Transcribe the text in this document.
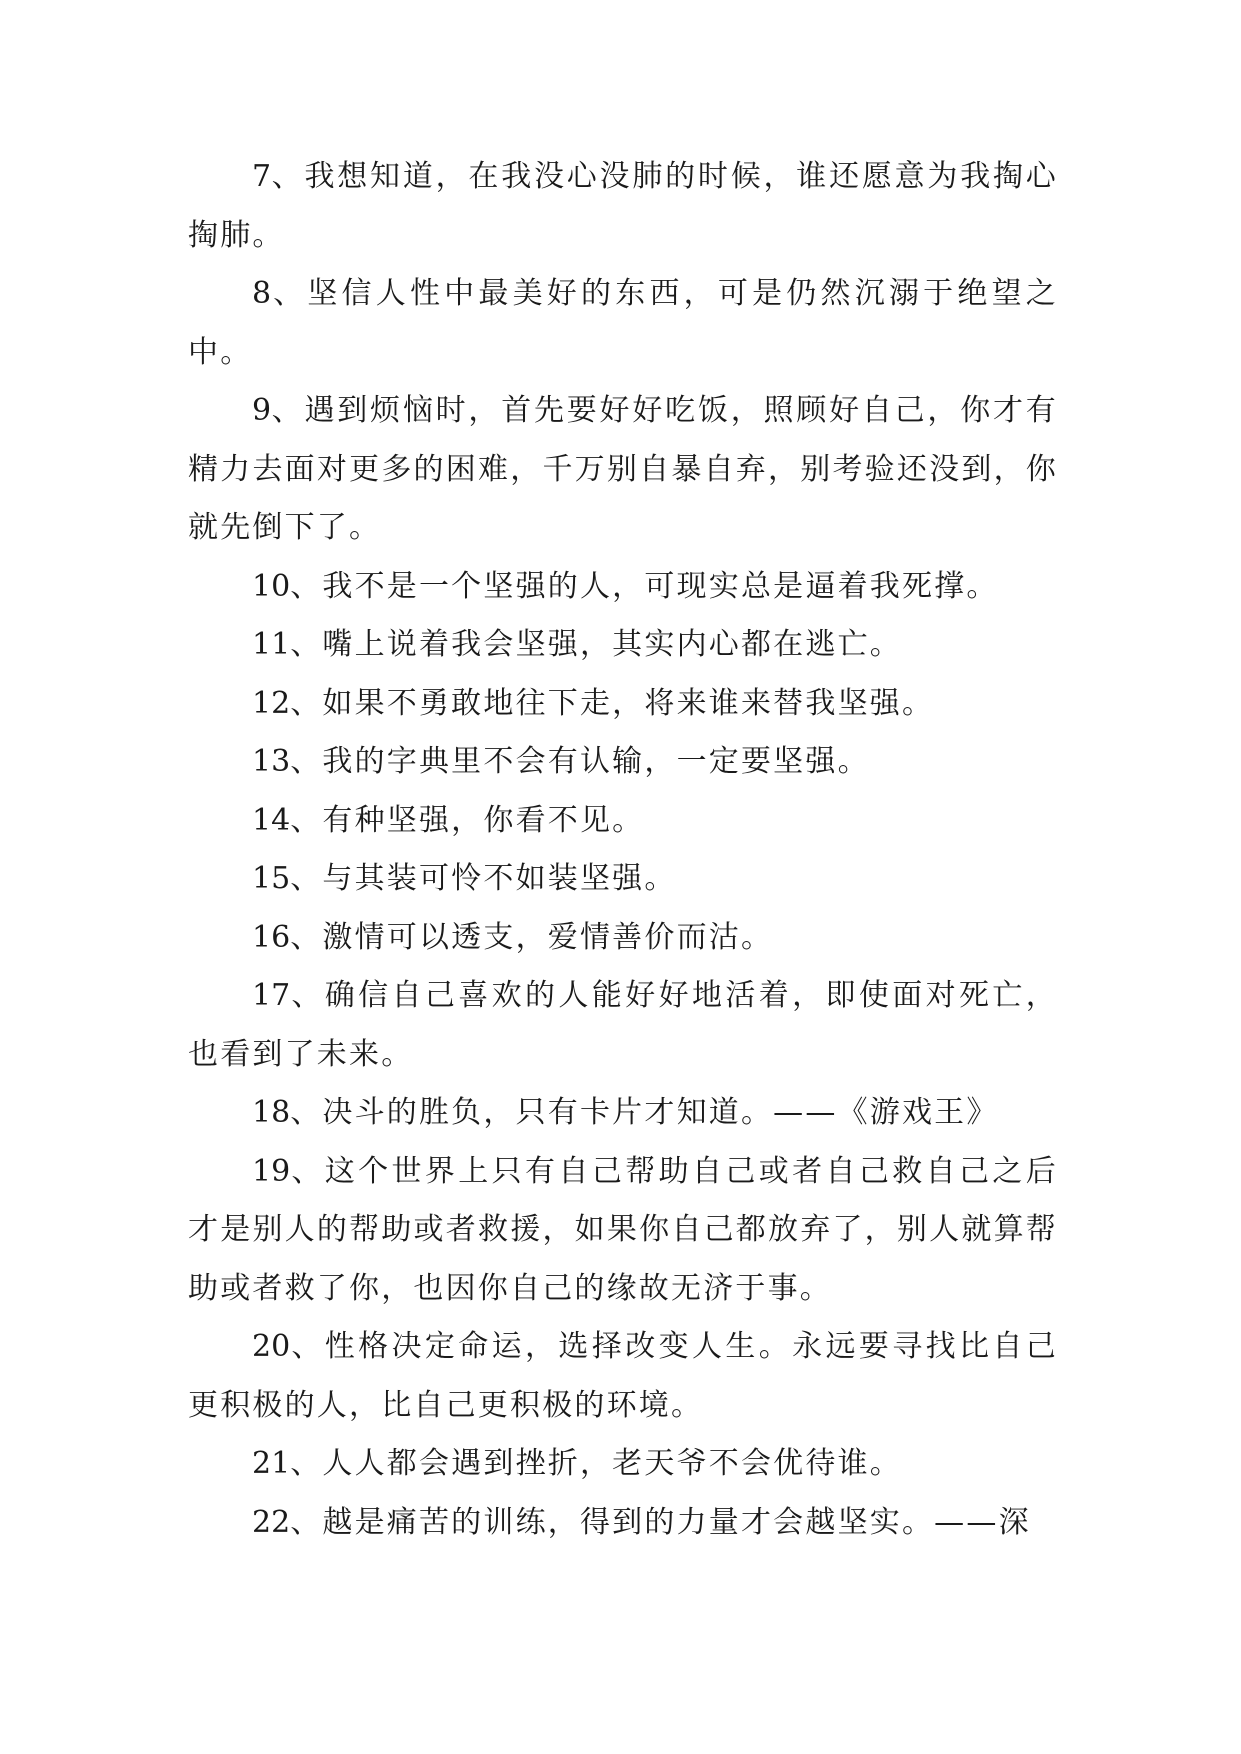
7、我想知道，在我没心没肺的时候，谁还愿意为我掏心掏肺。

8、坚信人性中最美好的东西，可是仍然沉溺于绝望之中。

9、遇到烦恼时，首先要好好吃饭，照顾好自己，你才有精力去面对更多的困难，千万别自暴自弃，别考验还没到，你就先倒下了。

10、我不是一个坚强的人，可现实总是逼着我死撑。

11、嘴上说着我会坚强，其实内心都在逃亡。

12、如果不勇敢地往下走，将来谁来替我坚强。

13、我的字典里不会有认输，一定要坚强。

14、有种坚强，你看不见。

15、与其装可怜不如装坚强。

16、激情可以透支，爱情善价而沽。

17、确信自己喜欢的人能好好地活着，即使面对死亡，也看到了未来。

18、决斗的胜负，只有卡片才知道。——《游戏王》

19、这个世界上只有自己帮助自己或者自己救自己之后才是别人的帮助或者救援，如果你自己都放弃了，别人就算帮助或者救了你，也因你自己的缘故无济于事。

20、性格决定命运，选择改变人生。永远要寻找比自己更积极的人，比自己更积极的环境。

21、人人都会遇到挫折，老天爷不会优待谁。

22、越是痛苦的训练，得到的力量才会越坚实。——深
